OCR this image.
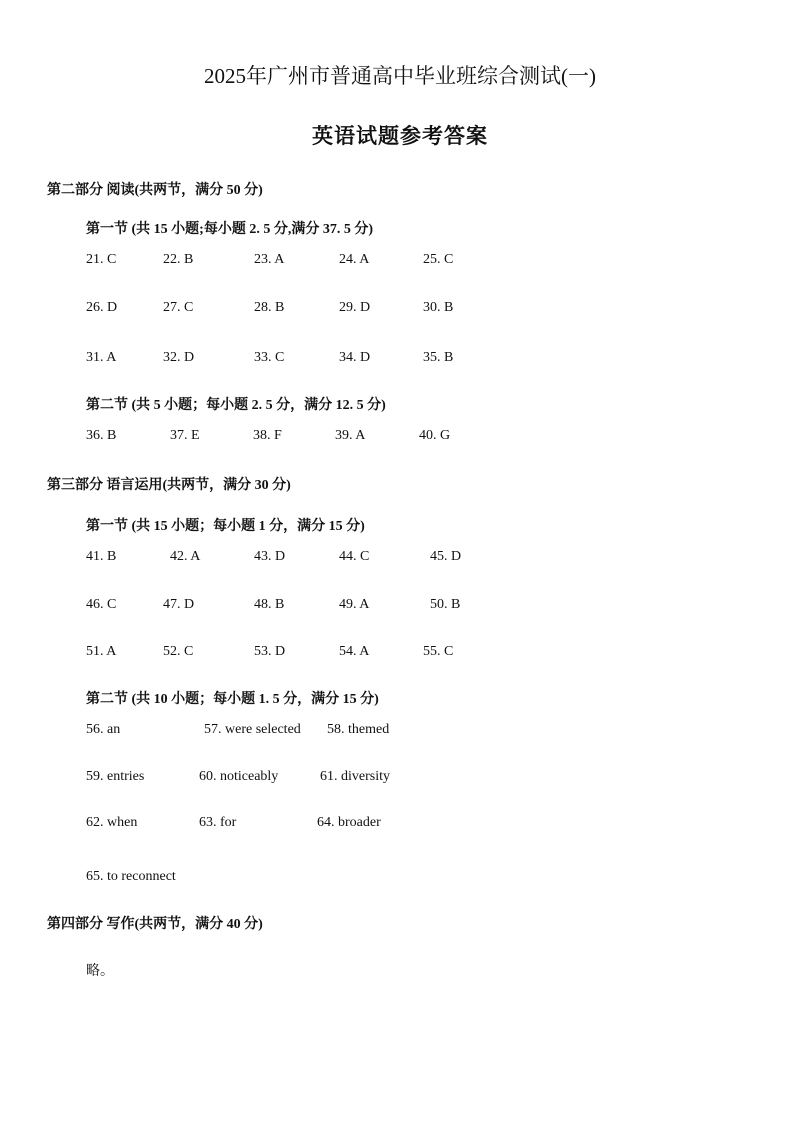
2025年广州市普通高中毕业班综合测试(一)
英语试题参考答案
第二部分 阅读(共两节，满分 50 分)
第一节 (共 15 小题;每小题 2. 5 分,满分 37. 5 分)
21. C	22. B	23. A	24. A	25. C
26. D	27. C	28. B	29. D	30. B
31. A	32. D	33. C	34. D	35. B
第二节 (共 5 小题；每小题 2. 5 分，满分 12. 5 分)
36. B	37. E	38. F	39. A	40. G
第三部分 语言运用(共两节，满分 30 分)
第一节 (共 15 小题；每小题 1 分，满分 15 分)
41. B	42. A	43. D	44. C	45. D
46. C	47. D	48. B	49. A	50. B
51. A	52. C	53. D	54. A	55. C
第二节 (共 10 小题；每小题 1. 5 分，满分 15 分)
56. an	57. were selected 58. themed
59. entries	60. noticeably	61. diversity
62. when	63. for	64. broader
65. to reconnect
第四部分 写作(共两节，满分 40 分)
略。
